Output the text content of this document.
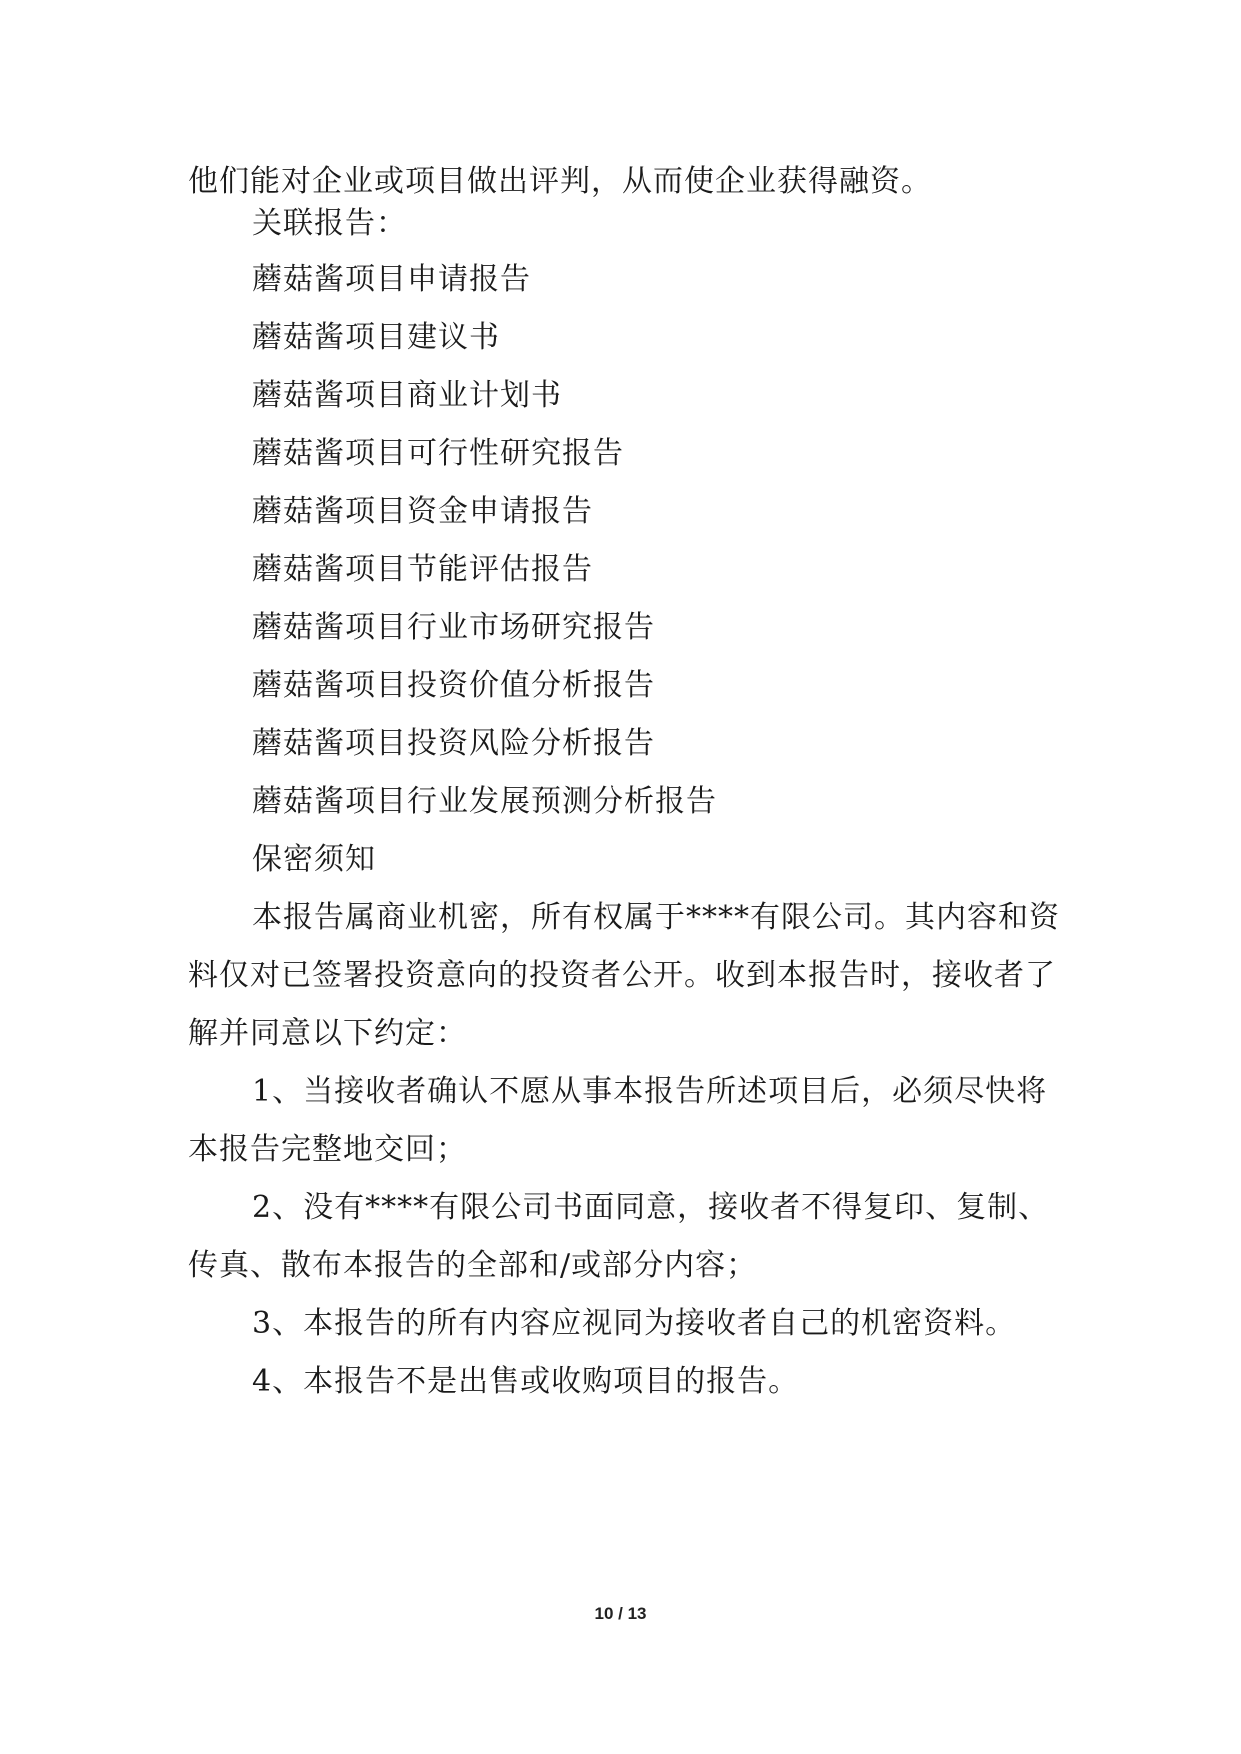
他们能对企业或项目做出评判，从而使企业获得融资。
关联报告：
蘑菇酱项目申请报告
蘑菇酱项目建议书
蘑菇酱项目商业计划书
蘑菇酱项目可行性研究报告
蘑菇酱项目资金申请报告
蘑菇酱项目节能评估报告
蘑菇酱项目行业市场研究报告
蘑菇酱项目投资价值分析报告
蘑菇酱项目投资风险分析报告
蘑菇酱项目行业发展预测分析报告
保密须知
本报告属商业机密，所有权属于****有限公司。其内容和资
料仅对已签署投资意向的投资者公开。收到本报告时，接收者了
解并同意以下约定：
1、当接收者确认不愿从事本报告所述项目后，必须尽快将
本报告完整地交回；
2、没有****有限公司书面同意，接收者不得复印、复制、
传真、散布本报告的全部和/或部分内容；
3、本报告的所有内容应视同为接收者自己的机密资料。
4、本报告不是出售或收购项目的报告。
10 / 13
